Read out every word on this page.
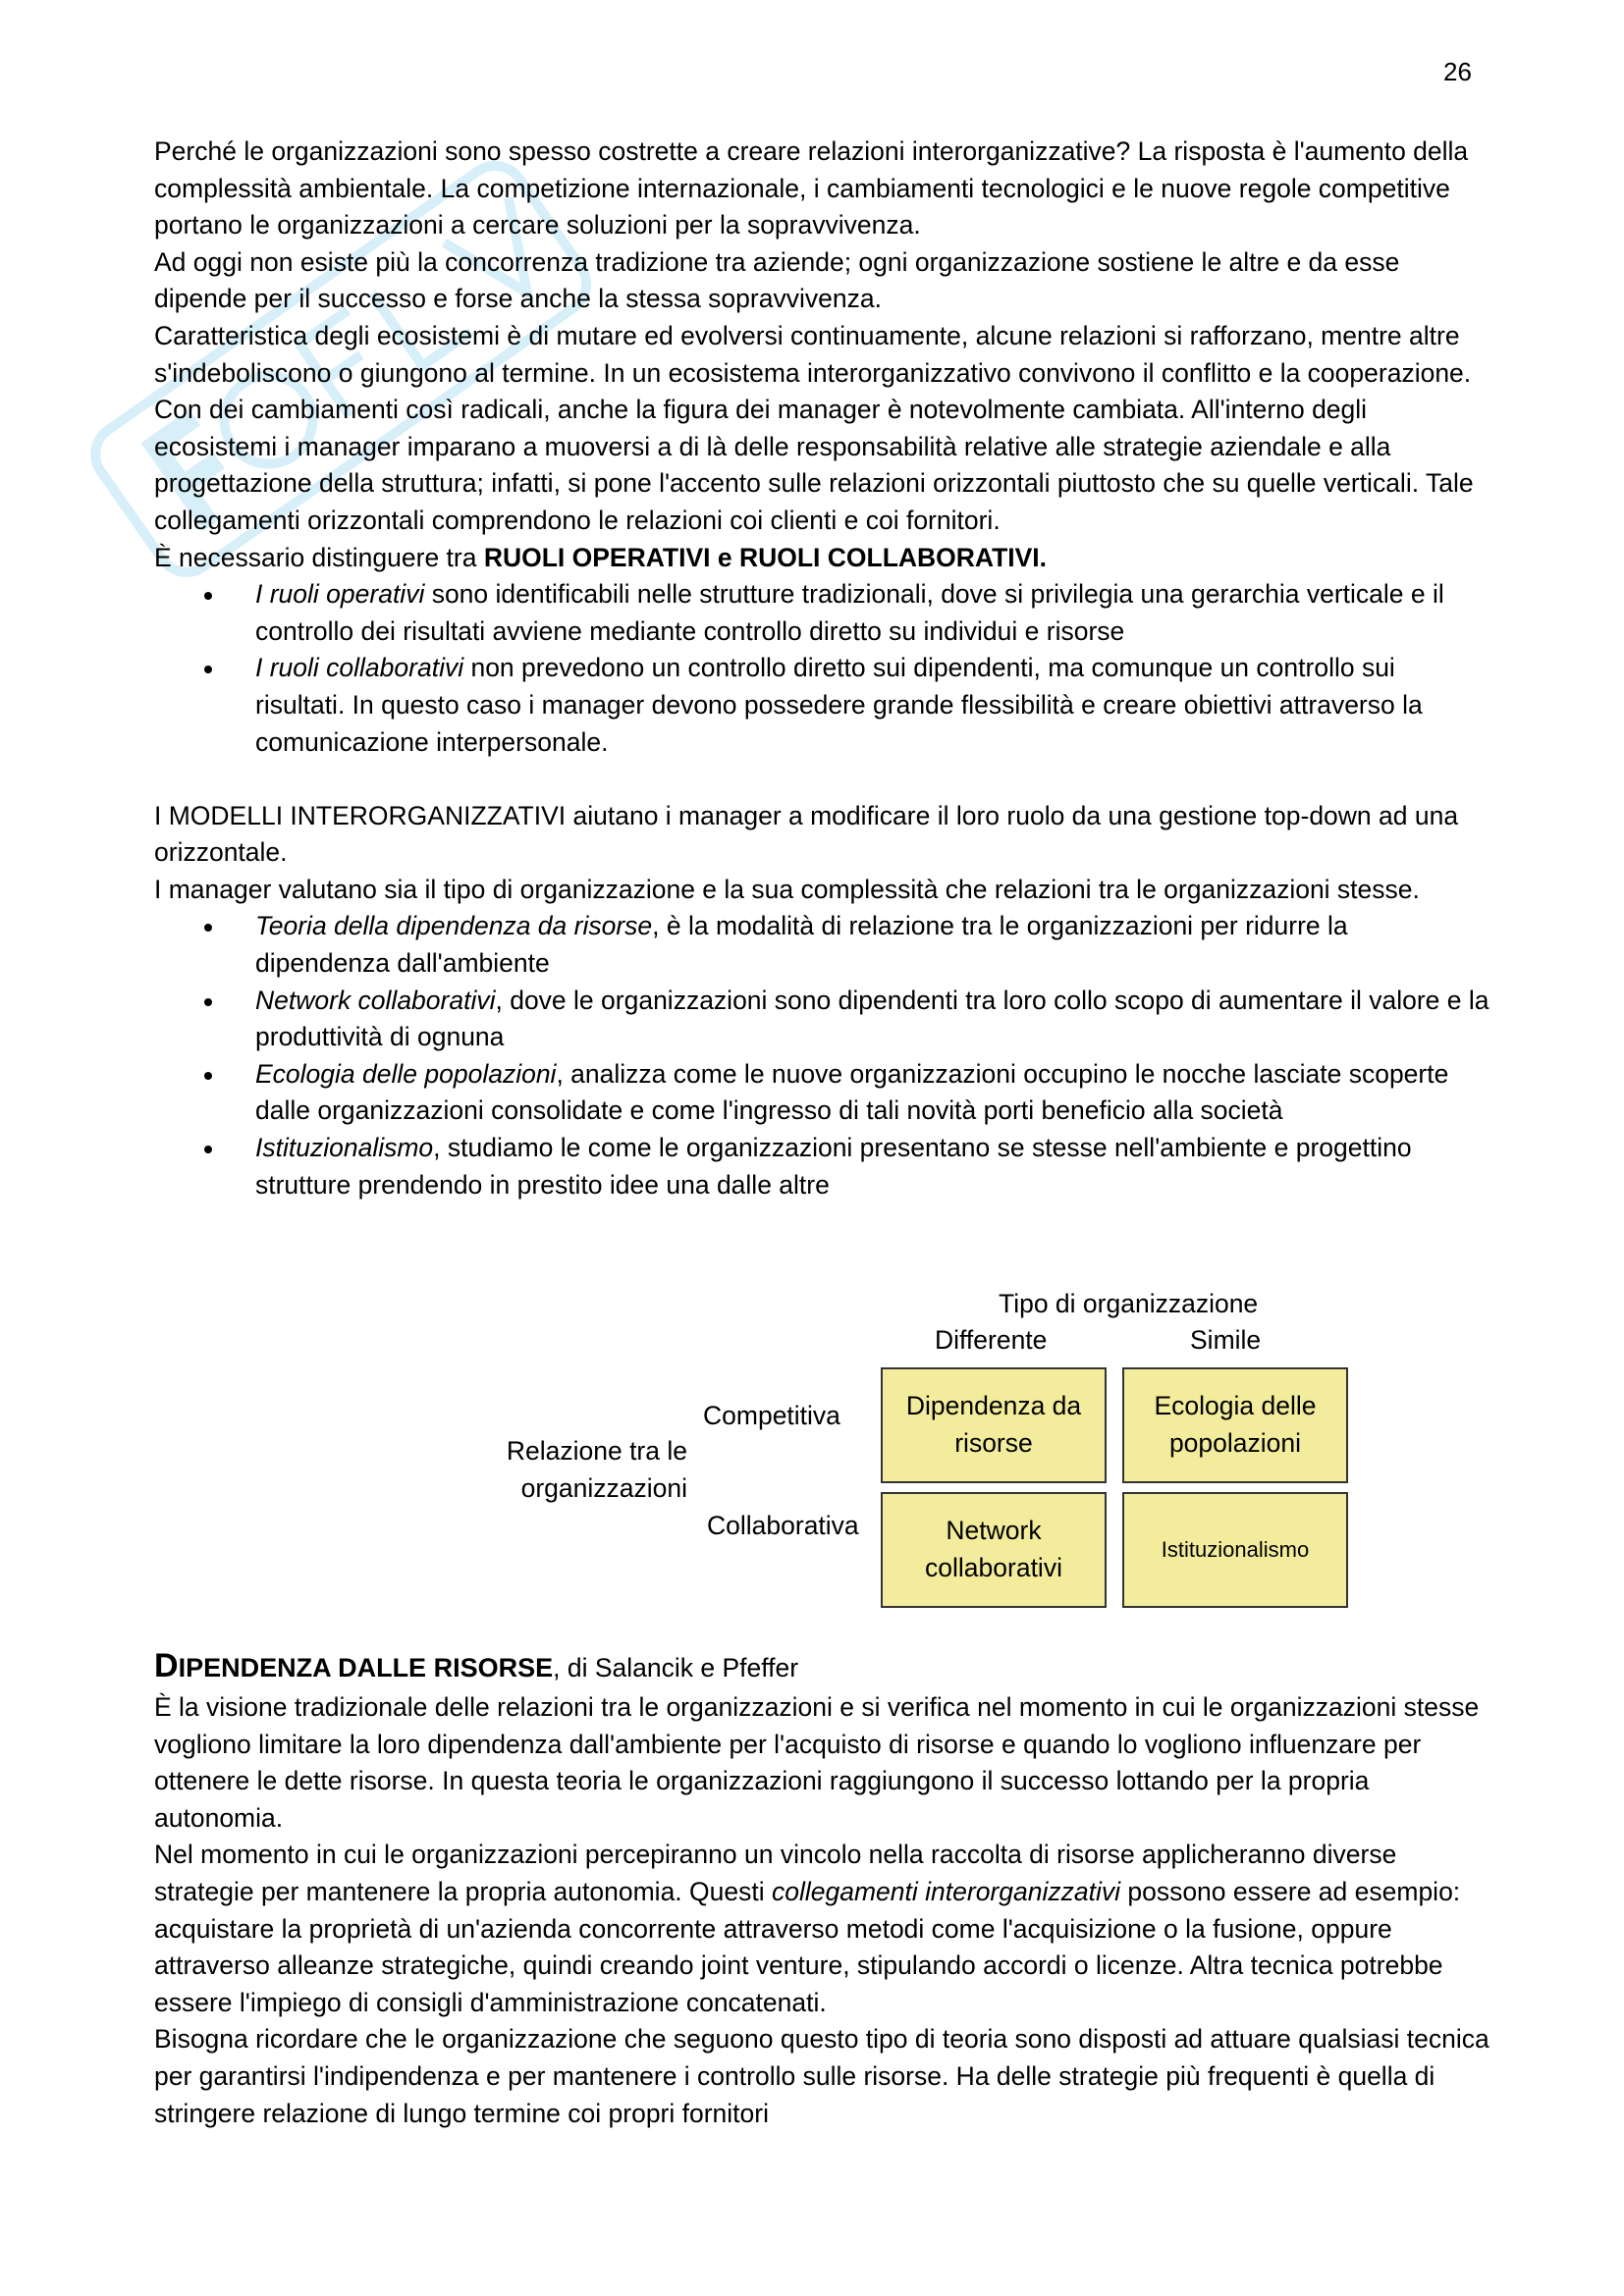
26

Perché le organizzazioni sono spesso costrette a creare relazioni interorganizzative? La risposta è l'aumento della complessità ambientale. La competizione internazionale, i cambiamenti tecnologici e le nuove regole competitive portano le organizzazioni a cercare soluzioni per la sopravvivenza.

Ad oggi non esiste più la concorrenza tradizione tra aziende; ogni organizzazione sostiene le altre e da esse dipende per il successo e forse anche la stessa sopravvivenza.

Caratteristica degli ecosistemi è di mutare ed evolversi continuamente, alcune relazioni si rafforzano, mentre altre s'indeboliscono o giungono al termine. In un ecosistema interorganizzativo convivono il conflitto e la cooperazione.

Con dei cambiamenti così radicali, anche la figura dei manager è notevolmente cambiata. All'interno degli ecosistemi i manager imparano a muoversi a di là delle responsabilità relative alle strategie aziendale e alla progettazione della struttura; infatti, si pone l'accento sulle relazioni orizzontali piuttosto che su quelle verticali. Tale collegamenti orizzontali comprendono le relazioni coi clienti e coi fornitori.

È necessario distinguere tra RUOLI OPERATIVI e RUOLI COLLABORATIVI.

I ruoli operativi sono identificabili nelle strutture tradizionali, dove si privilegia una gerarchia verticale e il controllo dei risultati avviene mediante controllo diretto su individui e risorse
I ruoli collaborativi non prevedono un controllo diretto sui dipendenti, ma comunque un controllo sui risultati. In questo caso i manager devono possedere grande flessibilità e creare obiettivi attraverso la comunicazione interpersonale.

I MODELLI INTERORGANIZZATIVI aiutano i manager a modificare il loro ruolo da una gestione top-down ad una orizzontale.

I manager valutano sia il tipo di organizzazione e la sua complessità che relazioni tra le organizzazioni stesse.

Teoria della dipendenza da risorse, è la modalità di relazione tra le organizzazioni per ridurre la dipendenza dall'ambiente
Network collaborativi, dove le organizzazioni sono dipendenti tra loro collo scopo di aumentare il valore e la produttività di ognuna
Ecologia delle popolazioni, analizza come le nuove organizzazioni occupino le nocche lasciate scoperte dalle organizzazioni consolidate e come l'ingresso di tali novità porti beneficio alla società
Istituzionalismo, studiamo le come le organizzazioni presentano se stesse nell'ambiente e progettino strutture prendendo in prestito idee una dalle altre
Tipo di organizzazione
Differente	Simile
Competitiva
Collaborativa
Relazione tra le
organizzazioni
Dipendenza da
risorse
Ecologia delle
popolazioni
Network
collaborativi
Istituzionalismo
DIPENDENZA DALLE RISORSE, di Salancik e Pfeffer

È la visione tradizionale delle relazioni tra le organizzazioni e si verifica nel momento in cui le organizzazioni stesse vogliono limitare la loro dipendenza dall'ambiente per l'acquisto di risorse e quando lo vogliono influenzare per ottenere le dette risorse. In questa teoria le organizzazioni raggiungono il successo lottando per la propria autonomia.

Nel momento in cui le organizzazioni percepiranno un vincolo nella raccolta di risorse applicheranno diverse strategie per mantenere la propria autonomia. Questi collegamenti interorganizzativi possono essere ad esempio: acquistare la proprietà di un'azienda concorrente attraverso metodi come l'acquisizione o la fusione, oppure attraverso alleanze strategiche, quindi creando joint venture, stipulando accordi o licenze. Altra tecnica potrebbe essere l'impiego di consigli d'amministrazione concatenati.

Bisogna ricordare che le organizzazione che seguono questo tipo di teoria sono disposti ad attuare qualsiasi tecnica per garantirsi l'indipendenza e per mantenere i controllo sulle risorse. Ha delle strategie più frequenti è quella di stringere relazione di lungo termine coi propri fornitori
